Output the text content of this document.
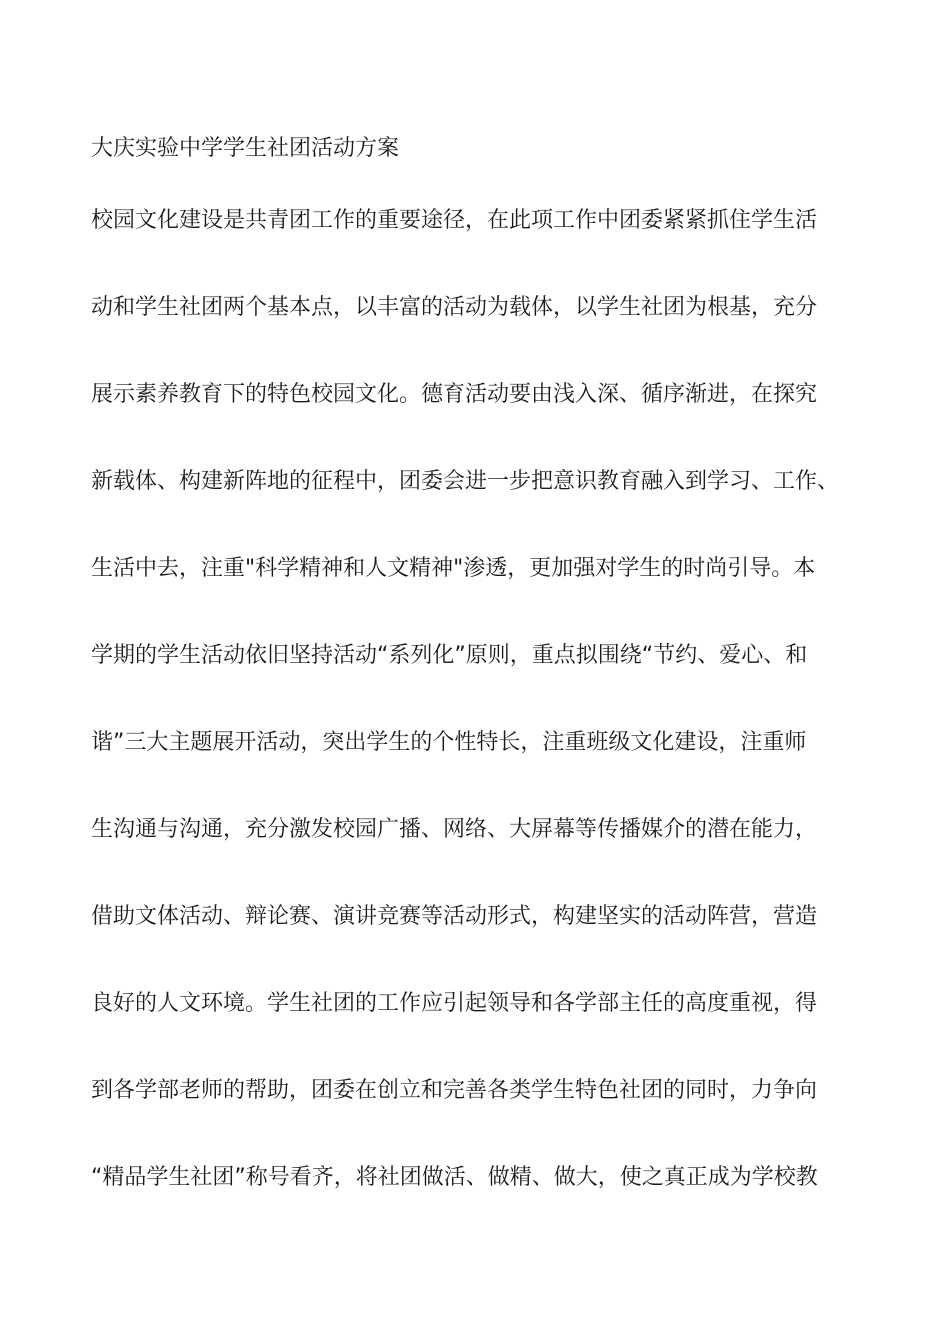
大庆实验中学学生社团活动方案

校园文化建设是共青团工作的重要途径，在此项工作中团委紧紧抓住学生活

动和学生社团两个基本点，以丰富的活动为载体，以学生社团为根基，充分

展示素养教育下的特色校园文化。德育活动要由浅入深、循序渐进，在探究

新载体、构建新阵地的征程中，团委会进一步把意识教育融入到学习、工作、

生活中去，注重"科学精神和人文精神"渗透，更加强对学生的时尚引导。本

学期的学生活动依旧坚持活动“系列化”原则，重点拟围绕“节约、爱心、和

谐”三大主题展开活动，突出学生的个性特长，注重班级文化建设，注重师

生沟通与沟通，充分激发校园广播、网络、大屏幕等传播媒介的潜在能力，

借助文体活动、辩论赛、演讲竞赛等活动形式，构建坚实的活动阵营，营造

良好的人文环境。学生社团的工作应引起领导和各学部主任的高度重视，得

到各学部老师的帮助，团委在创立和完善各类学生特色社团的同时，力争向

“精品学生社团”称号看齐，将社团做活、做精、做大，使之真正成为学校教
